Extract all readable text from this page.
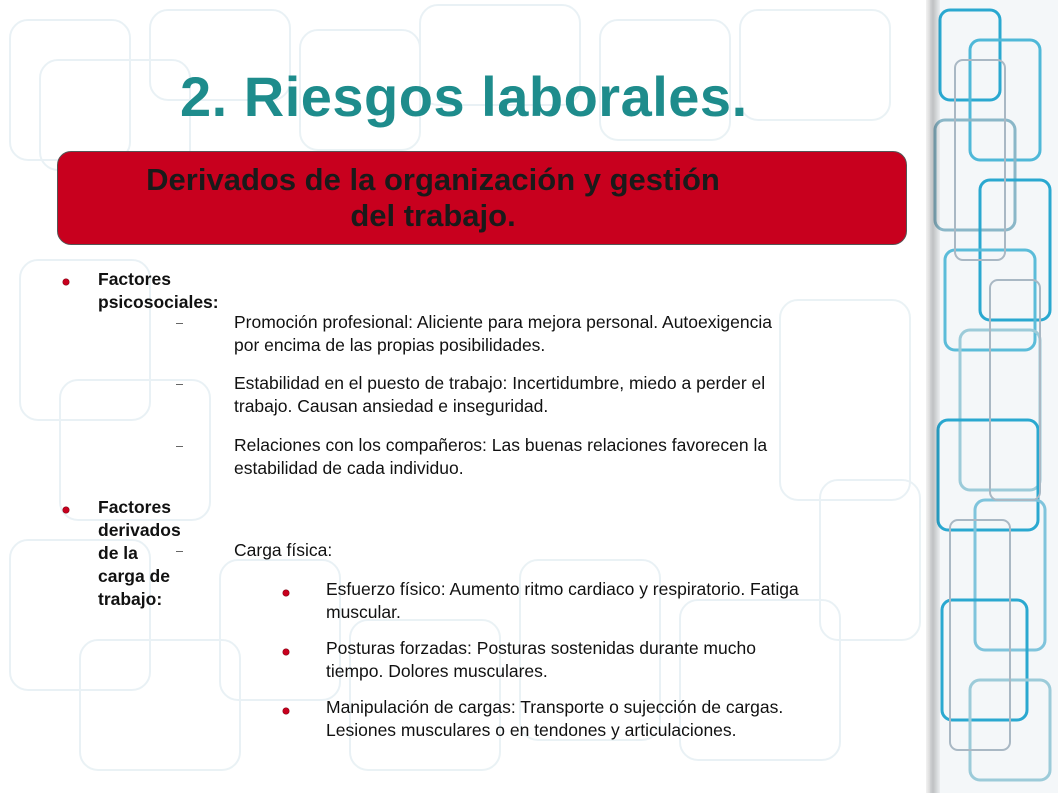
2. Riesgos laborales.
Derivados de la organización y gestión
del trabajo.
Factores psicosociales:
Promoción profesional: Aliciente para mejora personal. Autoexigencia
por encima de las propias posibilidades.
Estabilidad en el puesto de trabajo: Incertidumbre, miedo a perder el
trabajo. Causan ansiedad e inseguridad.
Relaciones con los compañeros: Las buenas relaciones favorecen la
estabilidad de cada individuo.
Factores derivados de la carga de trabajo:
Carga física:
Esfuerzo físico: Aumento ritmo cardiaco y respiratorio. Fatiga
muscular.
Posturas forzadas: Posturas sostenidas durante mucho
tiempo. Dolores musculares.
Manipulación de cargas: Transporte o sujección de cargas.
Lesiones musculares o en tendones y articulaciones.
